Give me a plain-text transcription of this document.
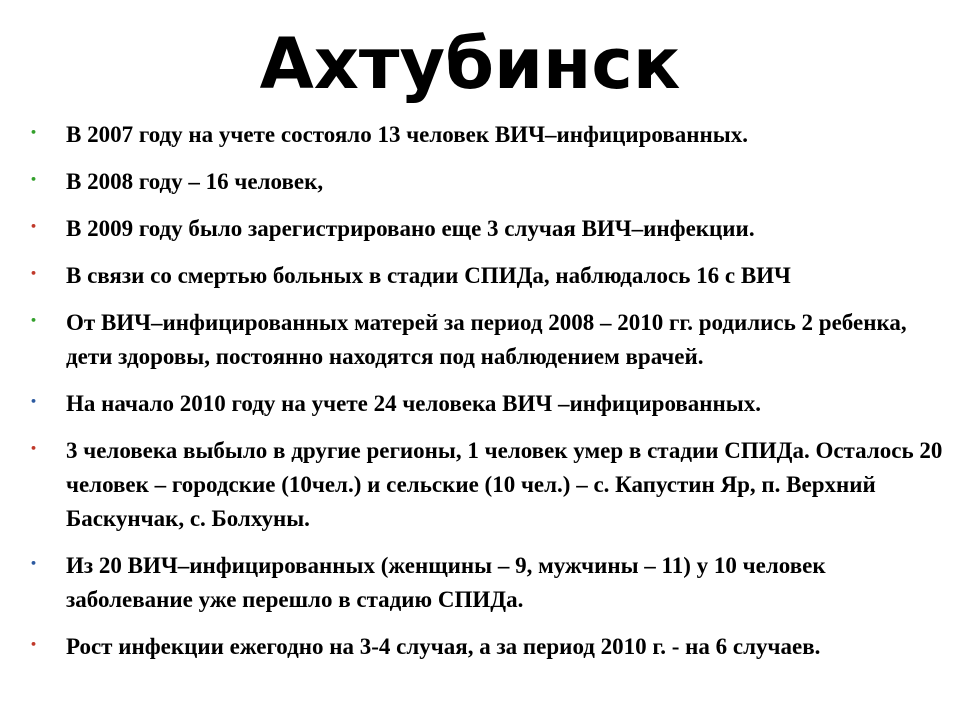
Ахтубинск
•	В 2007 году на учете состояло 13 человек ВИЧ–инфицированных.
•	В 2008 году – 16 человек,
•	В 2009 году было зарегистрировано еще 3 случая ВИЧ–инфекции.
•	В связи со смертью больных в стадии СПИДа, наблюдалось 16 с ВИЧ
•	От ВИЧ–инфицированных матерей за период 2008 – 2010 гг. родились 2 ребенка, дети здоровы, постоянно находятся под наблюдением врачей.
•	На начало 2010 году на учете 24 человека ВИЧ –инфицированных.
•	3 человека выбыло в другие регионы, 1 человек умер в стадии СПИДа. Осталось 20 человек – городские (10чел.) и сельские (10 чел.) – с. Капустин Яр, п. Верхний Баскунчак, с. Болхуны.
•	Из 20 ВИЧ–инфицированных (женщины – 9, мужчины – 11) у 10 человек заболевание уже перешло в стадию СПИДа.
•	Рост инфекции ежегодно на 3-4 случая, а за период 2010 г. - на 6 случаев.
